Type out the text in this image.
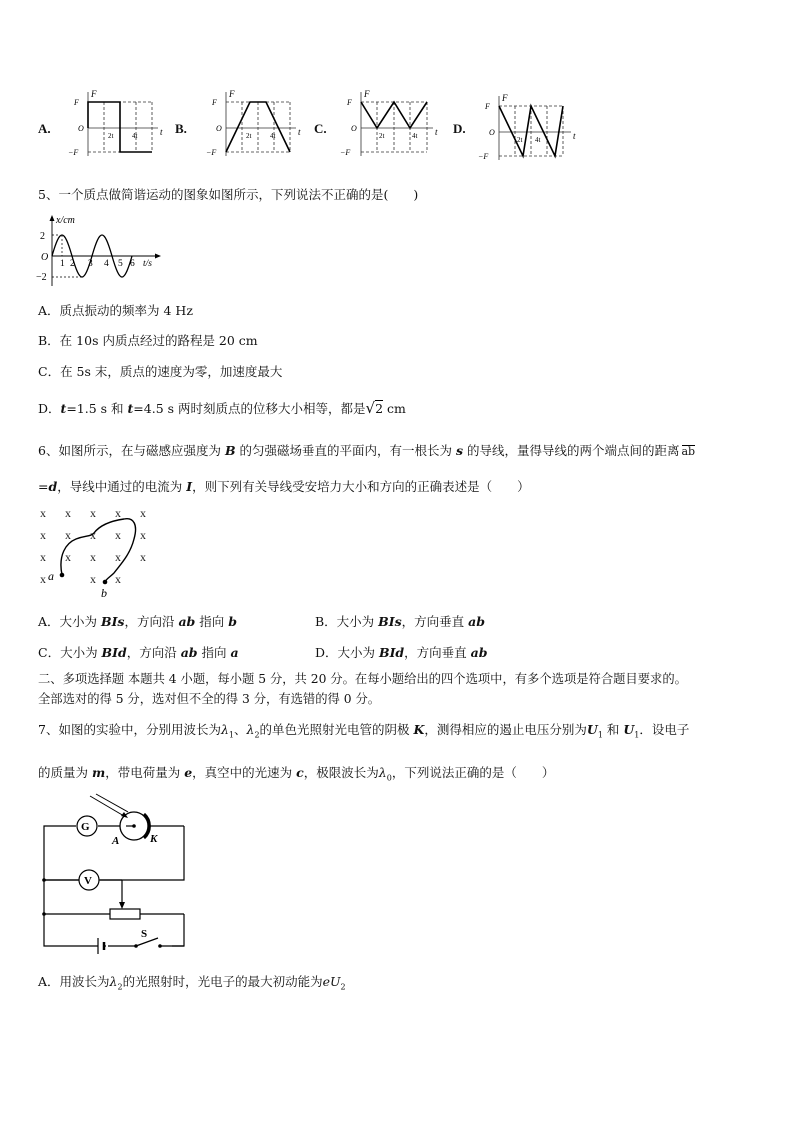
A.	B.	C.	D.
F
F
O
−F
t
2t	4t
F
F
O
−F
t
2t	4t
F
F
O
−F
t
2t	4t
F
F
O
−F
t
2t 4t
5、一个质点做简谐运动的图象如图所示，下列说法不正确的是(　　)
x/cm
2
O
−2
1 2 3 4 5 6 t/s
A．质点振动的频率为 4 Hz
B．在 10s 内质点经过的路程是 20 cm
C．在 5s 末，质点的速度为零，加速度最大
D．t=1.5 s 和 t=4.5 s 两时刻质点的位移大小相等，都是√2 cm
6、如图所示，在与磁感应强度为 B 的匀强磁场垂直的平面内，有一根长为 s 的导线，量得导线的两个端点间的距离 ab
=d，导线中通过的电流为 I，则下列有关导线受安培力大小和方向的正确表述是（　　）
x x x x x
x x x x x
x x x x x
x	x x
a
b
A．大小为 BIs，方向沿 ab 指向 b	B．大小为 BIs，方向垂直 ab
C．大小为 BId，方向沿 ab 指向 a	D．大小为 BId，方向垂直 ab
二、多项选择题 本题共 4 小题，每小题 5 分，共 20 分。在每小题给出的四个选项中，有多个选项是符合题目要求的。
全部选对的得 5 分，选对但不全的得 3 分，有选错的得 0 分。
7、如图的实验中，分别用波长为$\lambda_1$、$\lambda_2$的单色光照射光电管的阴极 K，测得相应的遏止电压分别为$U_1$ 和 $U_1$．设电子
的质量为 m，带电荷量为 e，真空中的光速为 c，极限波长为$\lambda_0$，下列说法正确的是（　　）
G
A	K
V
S
A．用波长为$\lambda_2$的光照射时，光电子的最大初动能为$eU_2$
